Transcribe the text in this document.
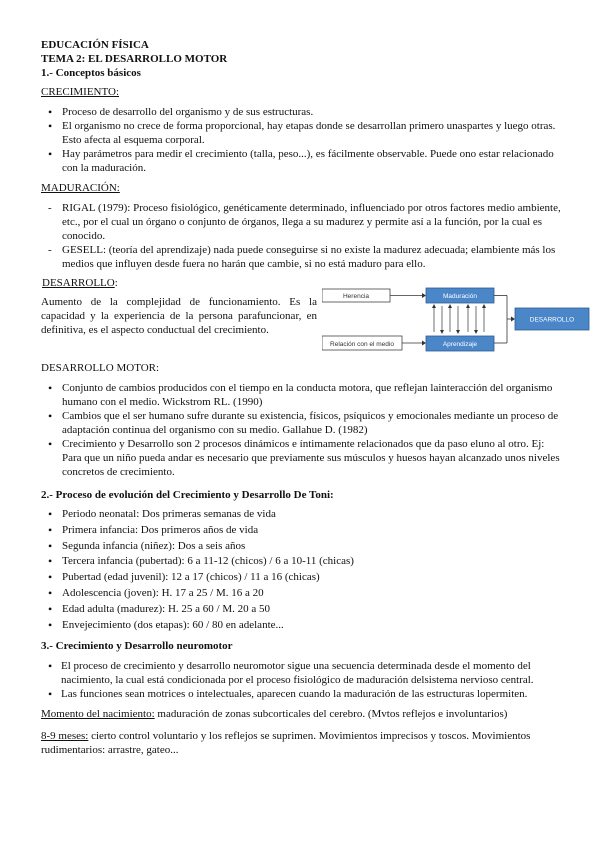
EDUCACIÓN FÍSICA
TEMA 2: EL DESARROLLO MOTOR
1.- Conceptos básicos
CRECIMIENTO:
• Proceso de desarrollo del organismo y de sus estructuras.
• El organismo no crece de forma proporcional, hay etapas donde se desarrollan primero unaspartes y luego otras. Esto afecta al esquema corporal.
• Hay parámetros para medir el crecimiento (talla, peso...), es fácilmente observable. Puede ono estar relacionado con la maduración.
MADURACIÓN:
- RIGAL (1979): Proceso fisiológico, genéticamente determinado, influenciado por otros factores medio ambiente, etc., por el cual un órgano o conjunto de órganos, llega a su madurez y permite así a la función, por la cual es conocido.
- GESELL: (teoría del aprendizaje) nada puede conseguirse si no existe la madurez adecuada; elambiente más los medios que influyen desde fuera no harán que cambie, si no está maduro para ello.
DESARROLLO:
Aumento de la complejidad de funcionamiento. Es la capacidad y la experiencia de la persona parafuncionar, en definitiva, es el aspecto conductual del crecimiento.
Herencia	Maduración
Relación con el medio	Aprendizaje
DESARROLLO
DESARROLLO MOTOR:
• Conjunto de cambios producidos con el tiempo en la conducta motora, que reflejan lainteracción del organismo humano con el medio. Wickstrom RL. (1990)
• Cambios que el ser humano sufre durante su existencia, físicos, psíquicos y emocionales mediante un proceso de adaptación continua del organismo con su medio. Gallahue D. (1982)
• Crecimiento y Desarrollo son 2 procesos dinámicos e íntimamente relacionados que da paso eluno al otro. Ej: Para que un niño pueda andar es necesario que previamente sus músculos y huesos hayan alcanzado unos niveles concretos de crecimiento.
2.- Proceso de evolución del Crecimiento y Desarrollo De Toni:
• Periodo neonatal: Dos primeras semanas de vida
• Primera infancia: Dos primeros años de vida
• Segunda infancia (niñez): Dos a seis años
• Tercera infancia (pubertad): 6 a 11-12 (chicos) / 6 a 10-11 (chicas)
• Pubertad (edad juvenil): 12 a 17 (chicos) / 11 a 16 (chicas)
• Adolescencia (joven): H. 17 a 25 / M. 16 a 20
• Edad adulta (madurez): H. 25 a 60 / M. 20 a 50
• Envejecimiento (dos etapas): 60 / 80 en adelante...
3.- Crecimiento y Desarrollo neuromotor
• El proceso de crecimiento y desarrollo neuromotor sigue una secuencia determinada desde el momento del nacimiento, la cual está condicionada por el proceso fisiológico de maduración delsistema nervioso central.
• Las funciones sean motrices o intelectuales, aparecen cuando la maduración de las estructuras lopermiten.
Momento del nacimiento: maduración de zonas subcorticales del cerebro. (Mvtos reflejos e involuntarios)
8-9 meses: cierto control voluntario y los reflejos se suprimen. Movimientos imprecisos y toscos. Movimientos rudimentarios: arrastre, gateo...
